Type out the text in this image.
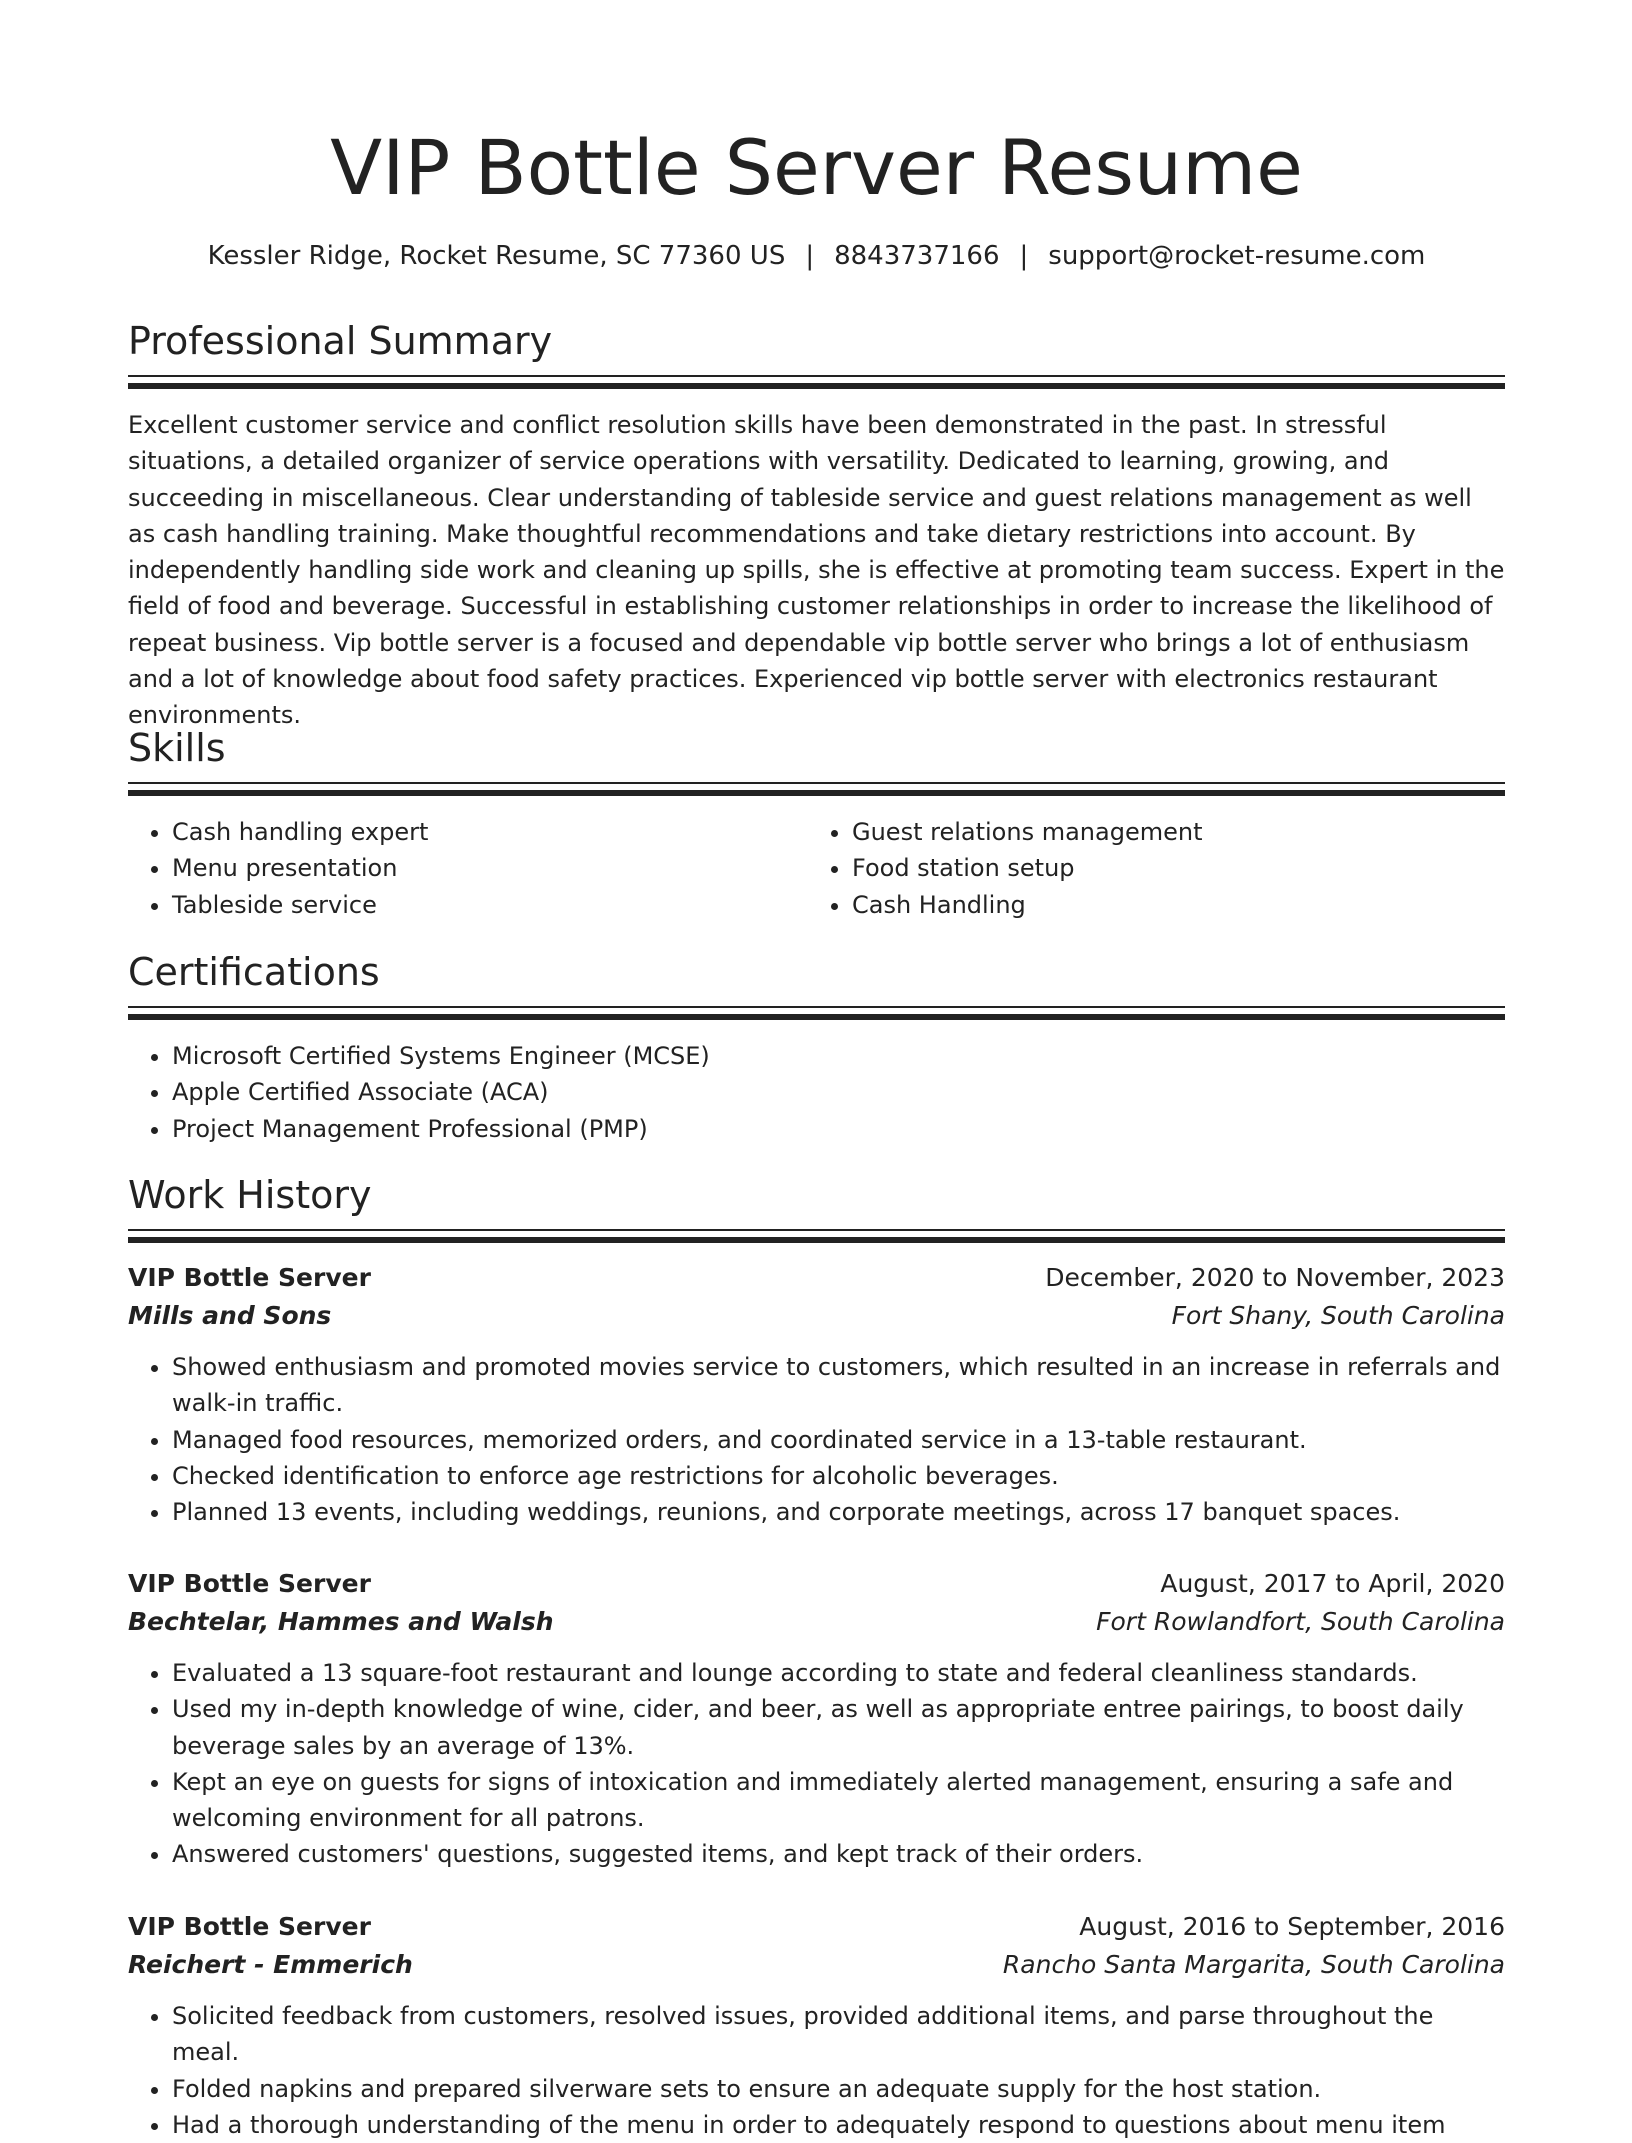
VIP Bottle Server Resume
Kessler Ridge, Rocket Resume, SC 77360 US | 8843737166 | support@rocket-resume.com
Professional Summary

Excellent customer service and conflict resolution skills have been demonstrated in the past. In stressful situations, a detailed organizer of service operations with versatility. Dedicated to learning, growing, and succeeding in miscellaneous. Clear understanding of tableside service and guest relations management as well as cash handling training. Make thoughtful recommendations and take dietary restrictions into account. By independently handling side work and cleaning up spills, she is effective at promoting team success. Expert in the field of food and beverage. Successful in establishing customer relationships in order to increase the likelihood of repeat business. Vip bottle server is a focused and dependable vip bottle server who brings a lot of enthusiasm and a lot of knowledge about food safety practices. Experienced vip bottle server with electronics restaurant environments.

Skills
• Cash handling expert
• Menu presentation
• Tableside service
• Guest relations management
• Food station setup
• Cash Handling
Certifications
• Microsoft Certified Systems Engineer (MCSE)
• Apple Certified Associate (ACA)
• Project Management Professional (PMP)
Work History
VIP Bottle Server	December, 2020 to November, 2023
Mills and Sons	Fort Shany, South Carolina
• Showed enthusiasm and promoted movies service to customers, which resulted in an increase in referrals and walk-in traffic.
• Managed food resources, memorized orders, and coordinated service in a 13-table restaurant.
• Checked identification to enforce age restrictions for alcoholic beverages.
• Planned 13 events, including weddings, reunions, and corporate meetings, across 17 banquet spaces.
VIP Bottle Server	August, 2017 to April, 2020
Bechtelar, Hammes and Walsh	Fort Rowlandfort, South Carolina
• Evaluated a 13 square-foot restaurant and lounge according to state and federal cleanliness standards.
• Used my in-depth knowledge of wine, cider, and beer, as well as appropriate entree pairings, to boost daily beverage sales by an average of 13%.
• Kept an eye on guests for signs of intoxication and immediately alerted management, ensuring a safe and welcoming environment for all patrons.
• Answered customers' questions, suggested items, and kept track of their orders.
VIP Bottle Server	August, 2016 to September, 2016
Reichert - Emmerich	Rancho Santa Margarita, South Carolina
• Solicited feedback from customers, resolved issues, provided additional items, and parse throughout the meal.
• Folded napkins and prepared silverware sets to ensure an adequate supply for the host station.
• Had a thorough understanding of the menu in order to adequately respond to questions about menu item
